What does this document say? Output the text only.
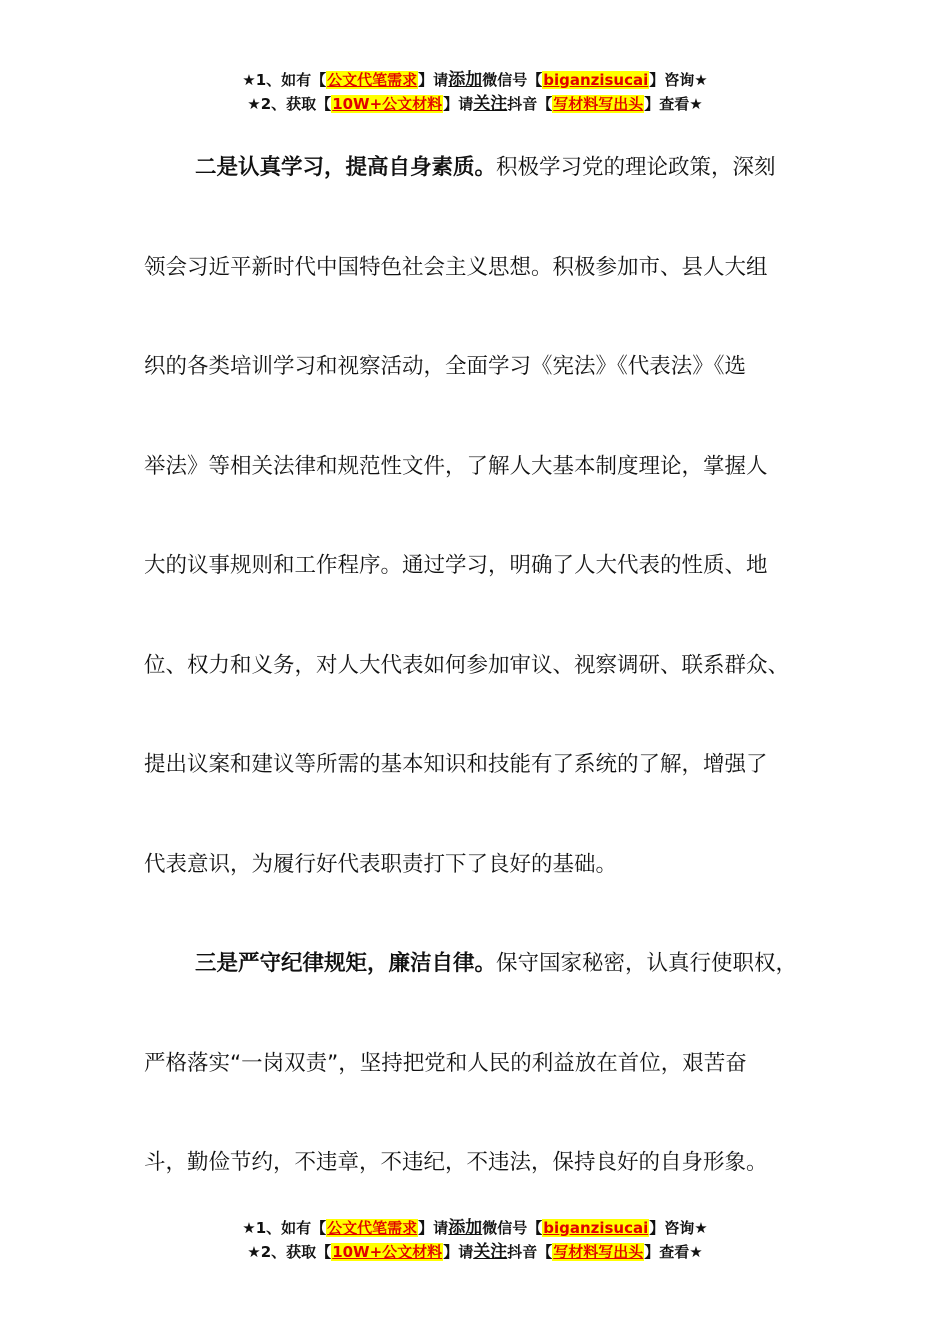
★1、如有【公文代笔需求】请添加微信号【biganzisucai】咨询★
★2、获取【10W+公文材料】请关注抖音【写材料写出头】查看★
二是认真学习，提高自身素质。积极学习党的理论政策，深刻
领会习近平新时代中国特色社会主义思想。积极参加市、县人大组
织的各类培训学习和视察活动，全面学习《宪法》《代表法》《选
举法》等相关法律和规范性文件，了解人大基本制度理论，掌握人
大的议事规则和工作程序。通过学习，明确了人大代表的性质、地
位、权力和义务，对人大代表如何参加审议、视察调研、联系群众、
提出议案和建议等所需的基本知识和技能有了系统的了解，增强了
代表意识，为履行好代表职责打下了良好的基础。
三是严守纪律规矩，廉洁自律。保守国家秘密，认真行使职权，
严格落实“一岗双责”，坚持把党和人民的利益放在首位，艰苦奋
斗，勤俭节约，不违章，不违纪，不违法，保持良好的自身形象。
★1、如有【公文代笔需求】请添加微信号【biganzisucai】咨询★
★2、获取【10W+公文材料】请关注抖音【写材料写出头】查看★
